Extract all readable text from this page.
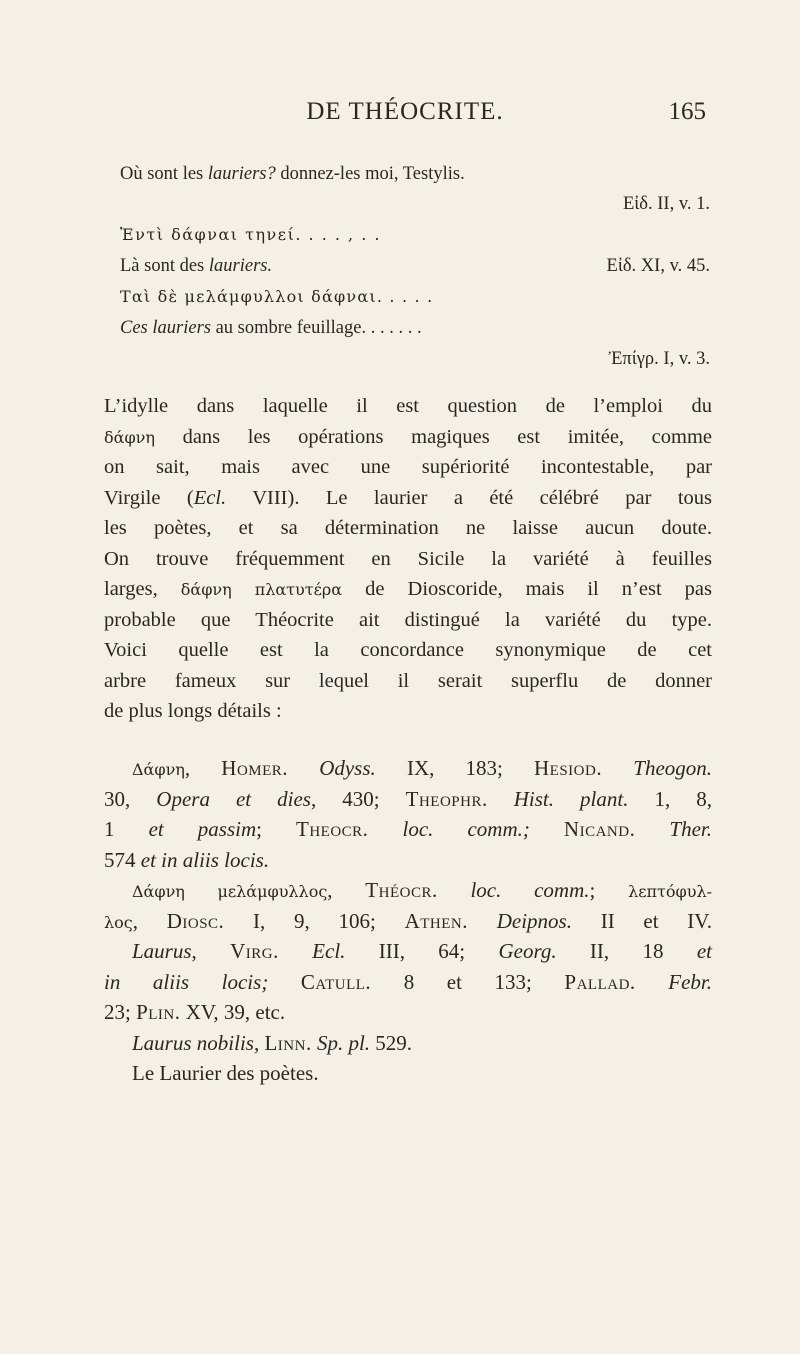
DE THÉOCRITE.	165
Où sont les lauriers? donnez-les moi, Testylis.
Εἰδ. II, v. 1.
Ἐντὶ δάφναι τηνεί. . . . , . .
Là sont des lauriers.	Εἰδ. XI, v. 45.
Ταὶ δὲ μελάμφυλλοι δάφναι. . . . .
Ces lauriers au sombre feuillage. . . . . . .
Ἐπίγρ. I, v. 3.
L’idylle dans laquelle il est question de l’emploi du
δάφνη dans les opérations magiques est imitée, comme
on sait, mais avec une supériorité incontestable, par
Virgile (Ecl. VIII). Le laurier a été célébré par tous
les poètes, et sa détermination ne laisse aucun doute.
On trouve fréquemment en Sicile la variété à feuilles
larges, δάφνη πλατυτέρα de Dioscoride, mais il n’est pas
probable que Théocrite ait distingué la variété du type.
Voici quelle est la concordance synonymique de cet
arbre fameux sur lequel il serait superflu de donner
de plus longs détails :
Δάφνη, Homer. Odyss. IX, 183; Hesiod. Theogon.
30, Opera et dies, 430; Theophr. Hist. plant. 1, 8,
1 et passim; Theocr. loc. comm.; Nicand. Ther.
574 et in aliis locis.
Δάφνη μελάμφυλλος, Théocr. loc. comm.; λεπτόφυλ-
λος, Diosc. I, 9, 106; Athen. Deipnos. II et IV.
Laurus, Virg. Ecl. III, 64; Georg. II, 18 et
in aliis locis; Catull. 8 et 133; Pallad. Febr.
23; Plin. XV, 39, etc.
Laurus nobilis, Linn. Sp. pl. 529.
Le Laurier des poètes.
